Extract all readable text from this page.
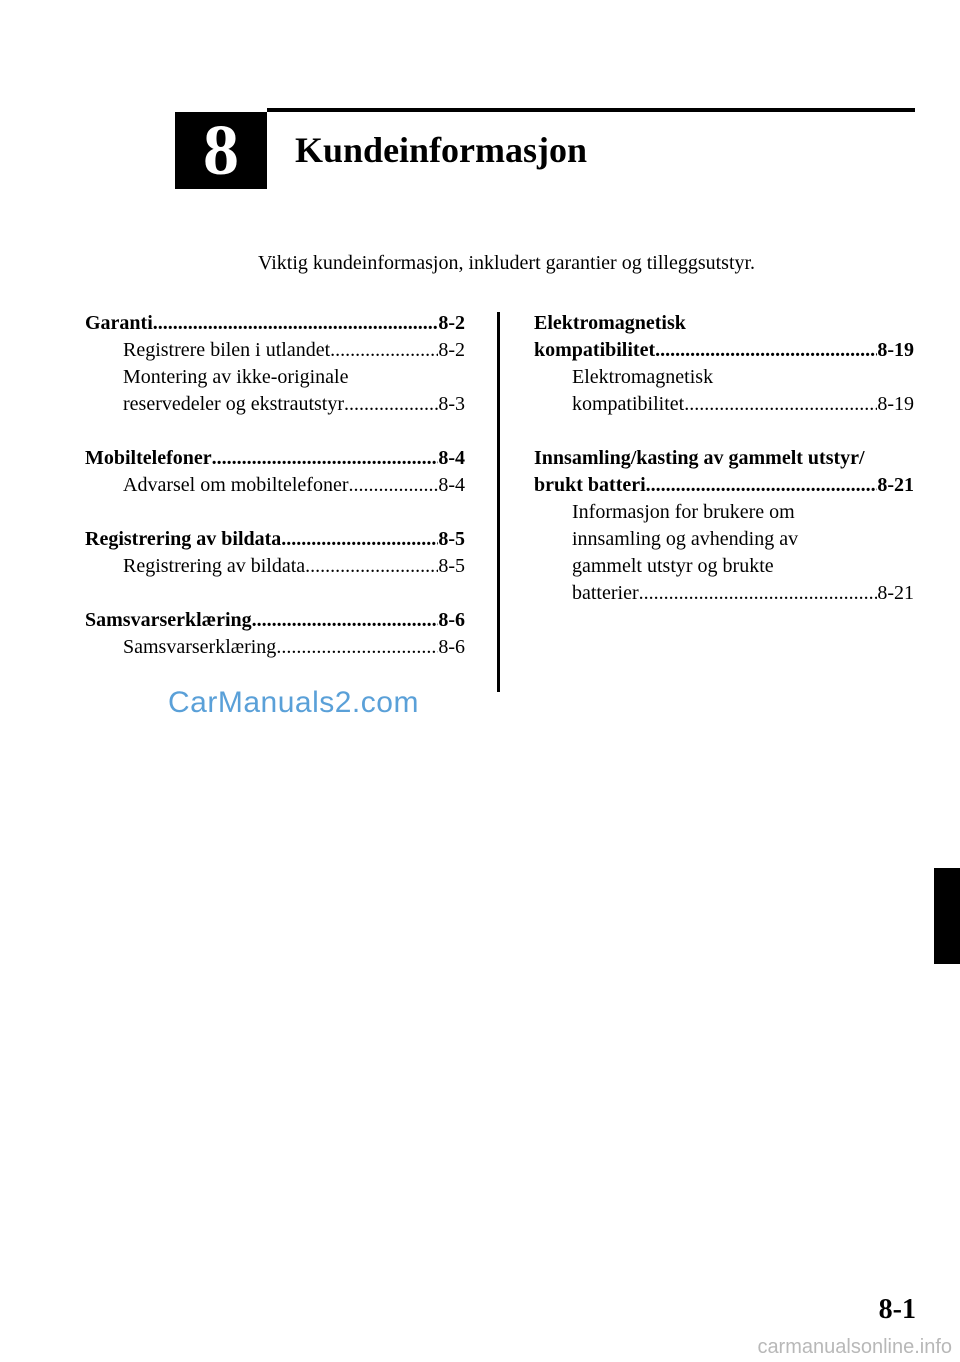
8	Kundeinformasjon
Viktig kundeinformasjon, inkludert garantier og tilleggsutstyr.
Garanti .....	8-2
Registrere bilen i utlandet .....	8-2
Montering av ikke-originale
reservedeler og ekstrautstyr .....	8-3
Mobiltelefoner .....	8-4
Advarsel om mobiltelefoner .....	8-4
Registrering av bildata .....	8-5
Registrering av bildata .....	8-5
Samsvarserklæring .....	8-6
Samsvarserklæring .....	8-6
Elektromagnetisk
kompatibilitet .....	8-19
Elektromagnetisk
kompatibilitet .....	8-19
Innsamling/kasting av gammelt utstyr/
brukt batteri .....	8-21
Informasjon for brukere om
innsamling og avhending av
gammelt utstyr og brukte
batterier .....	8-21
CarManuals2.com
8-1
carmanualsonline.info
